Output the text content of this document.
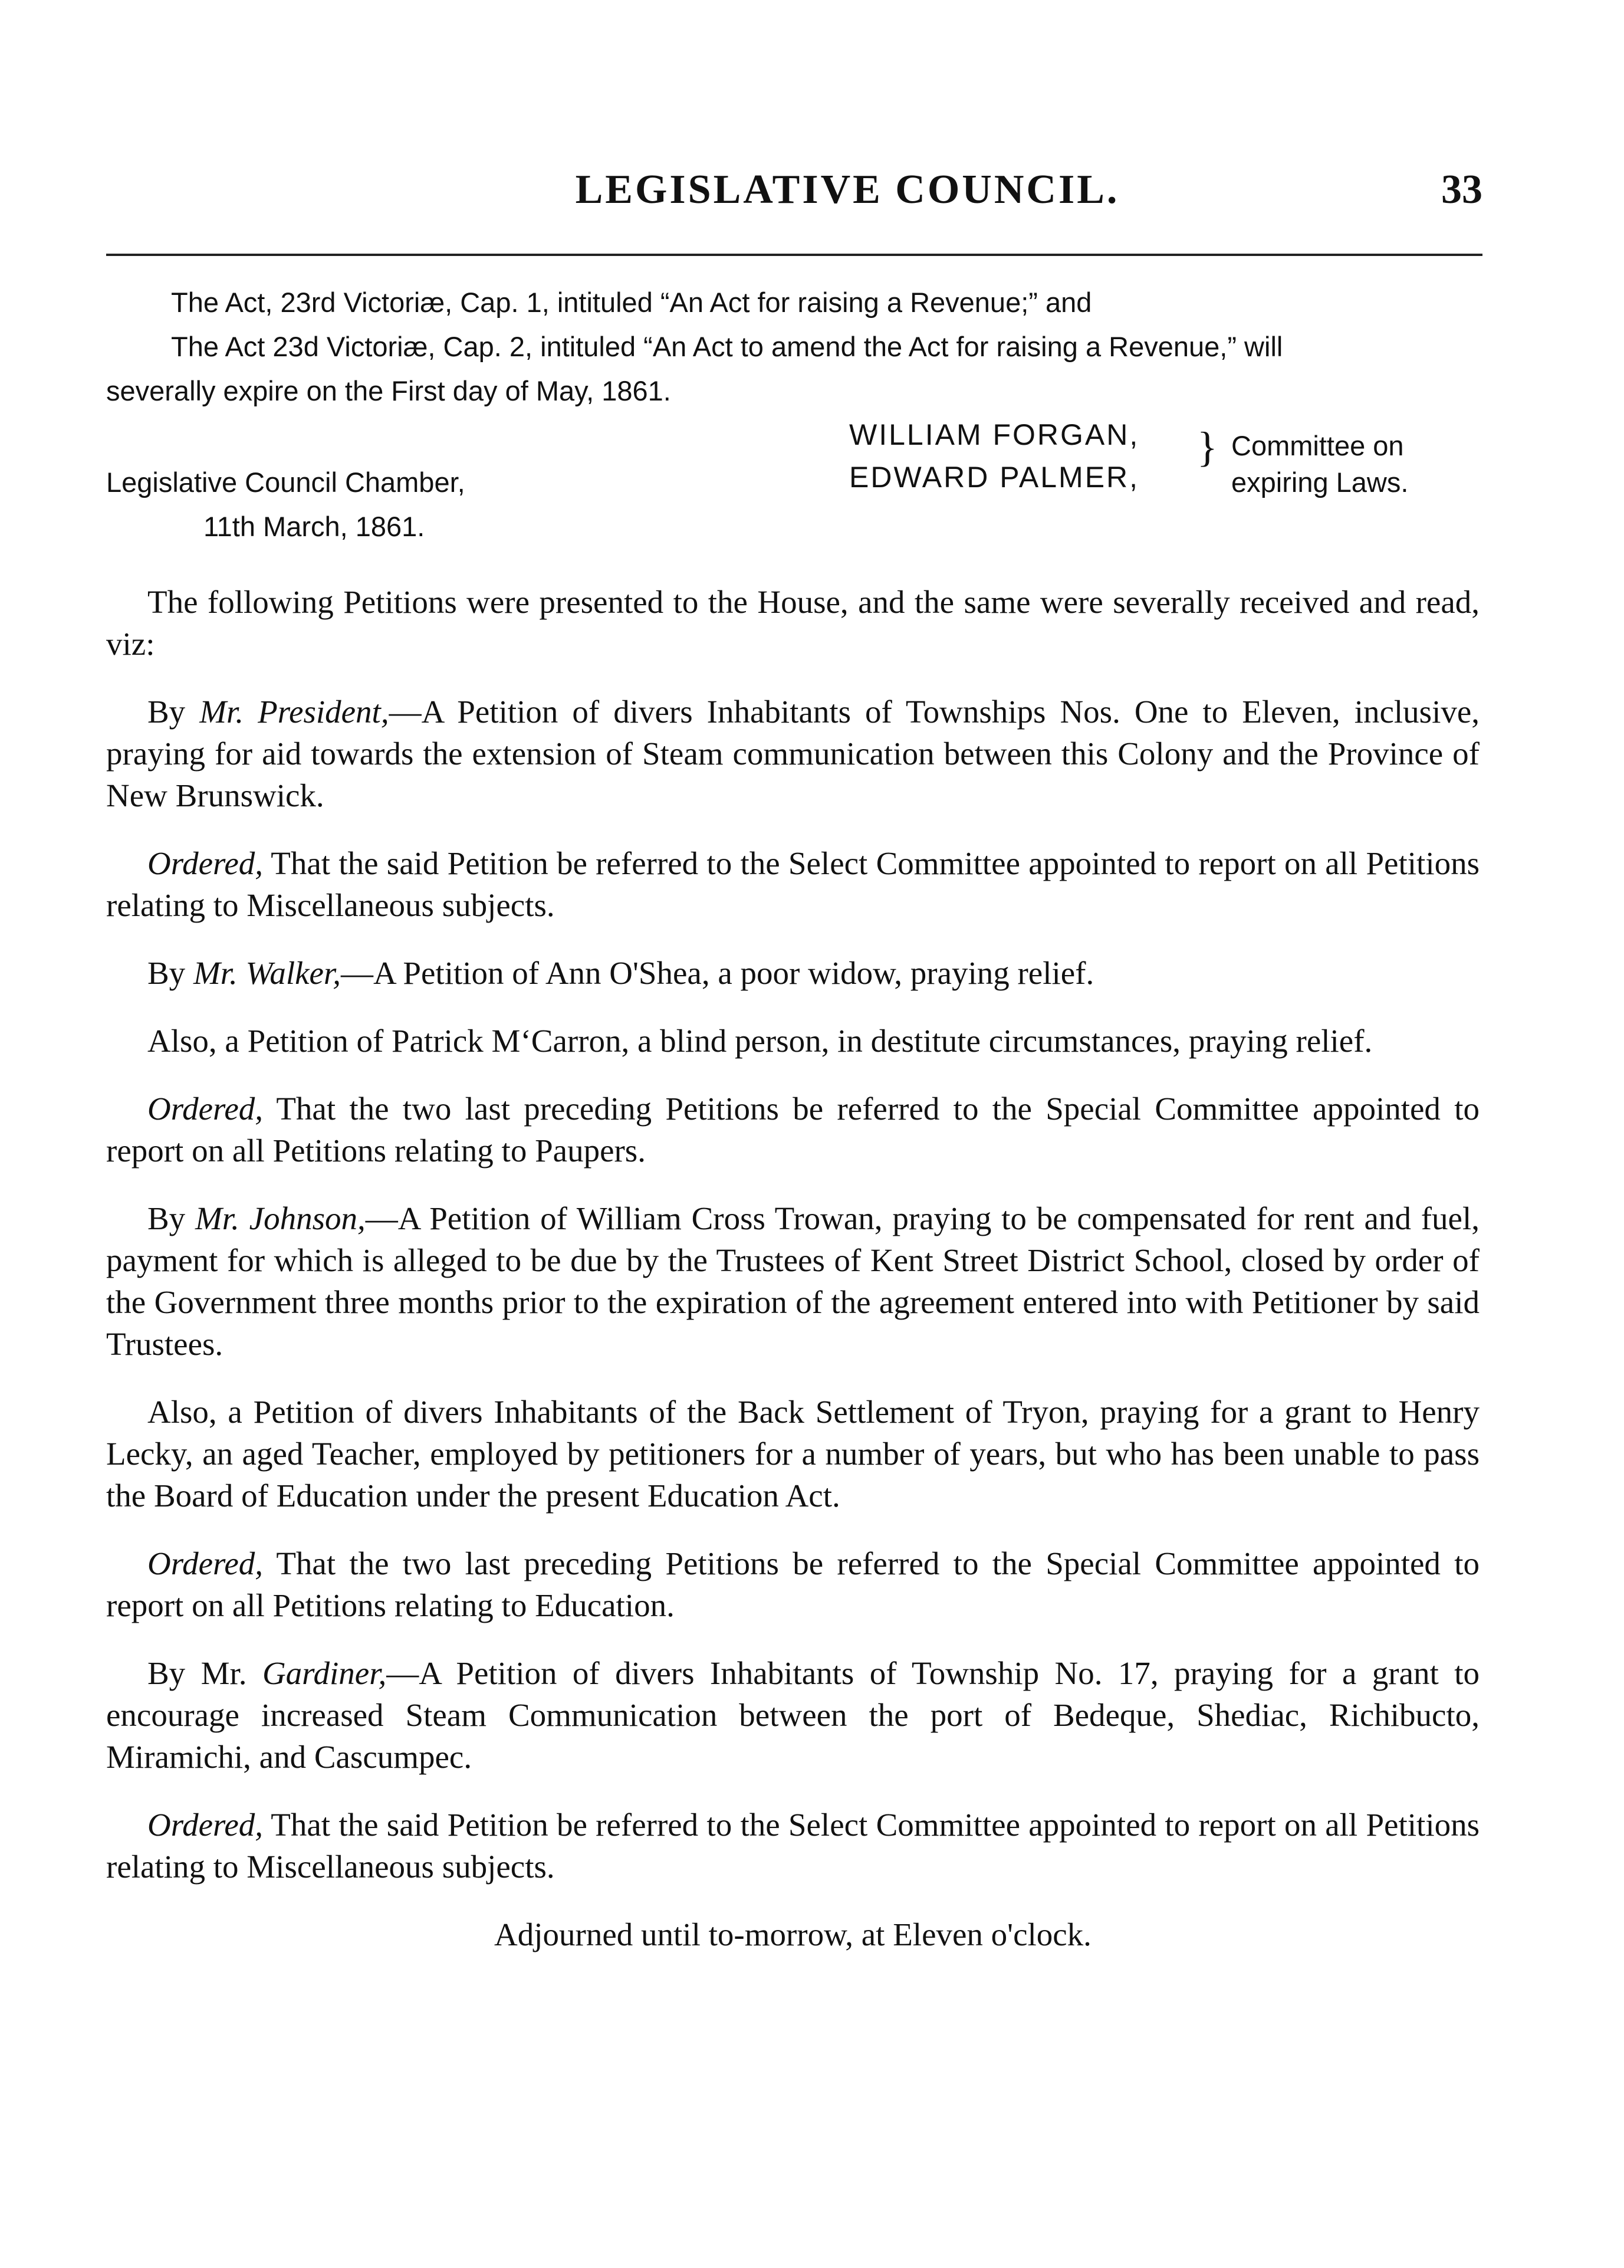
LEGISLATIVE COUNCIL.	33
The Act, 23rd Victoriæ, Cap. 1, intituled “An Act for raising a Revenue;” and
The Act 23d Victoriæ, Cap. 2, intituled “An Act to amend the Act for raising a Revenue,” will
severally expire on the First day of May, 1861.
Legislative Council Chamber,
11th March, 1861.
WILLIAM FORGAN,
EDWARD PALMER,
} Committee on
expiring Laws.

The following Petitions were presented to the House, and the same were severally received and read, viz:

By Mr. President,—A Petition of divers Inhabitants of Townships Nos. One to Eleven, inclusive, praying for aid towards the extension of Steam communication between this Colony and the Province of New Brunswick.

Ordered, That the said Petition be referred to the Select Committee appointed to report on all Petitions relating to Miscellaneous subjects.

By Mr. Walker,—A Petition of Ann O'Shea, a poor widow, praying relief.

Also, a Petition of Patrick M‘Carron, a blind person, in destitute circumstances, praying relief.

Ordered, That the two last preceding Petitions be referred to the Special Committee appointed to report on all Petitions relating to Paupers.

By Mr. Johnson,—A Petition of William Cross Trowan, praying to be compensated for rent and fuel, payment for which is alleged to be due by the Trustees of Kent Street District School, closed by order of the Government three months prior to the expiration of the agreement entered into with Petitioner by said Trustees.

Also, a Petition of divers Inhabitants of the Back Settlement of Tryon, praying for a grant to Henry Lecky, an aged Teacher, employed by petitioners for a number of years, but who has been unable to pass the Board of Education under the present Education Act.

Ordered, That the two last preceding Petitions be referred to the Special Committee appointed to report on all Petitions relating to Education.

By Mr. Gardiner,—A Petition of divers Inhabitants of Township No. 17, praying for a grant to encourage increased Steam Communication between the port of Bedeque, Shediac, Richibucto, Miramichi, and Cascumpec.

Ordered, That the said Petition be referred to the Select Committee appointed to report on all Petitions relating to Miscellaneous subjects.

Adjourned until to-morrow, at Eleven o'clock.
